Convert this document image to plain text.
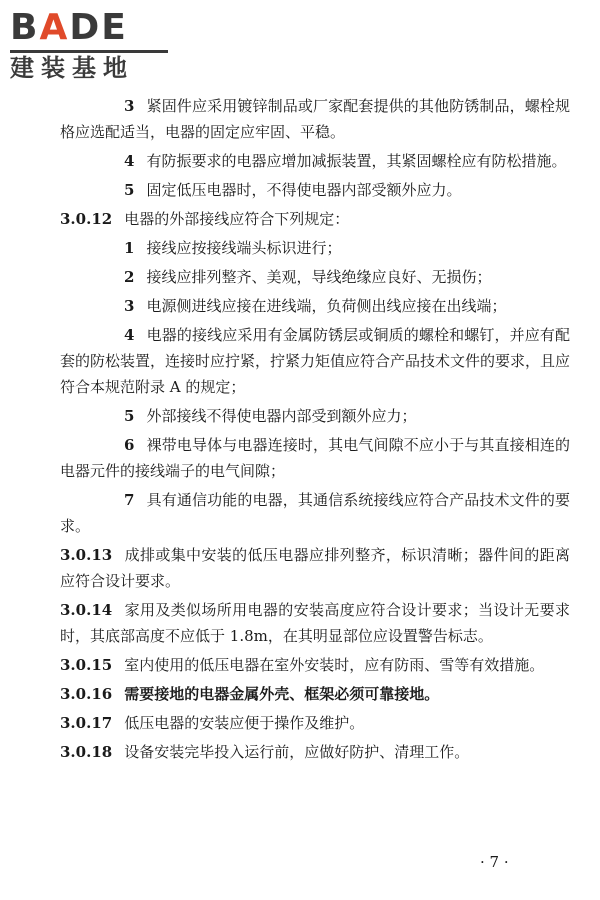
BADE
建装基地

3 紧固件应采用镀锌制品或厂家配套提供的其他防锈制品，螺栓规格应选配适当，电器的固定应牢固、平稳。

4 有防振要求的电器应增加减振装置，其紧固螺栓应有防松措施。

5 固定低压电器时，不得使电器内部受额外应力。

3.0.12 电器的外部接线应符合下列规定：

1 接线应按接线端头标识进行；

2 接线应排列整齐、美观，导线绝缘应良好、无损伤；

3 电源侧进线应接在进线端，负荷侧出线应接在出线端；

4 电器的接线应采用有金属防锈层或铜质的螺栓和螺钉，并应有配套的防松装置，连接时应拧紧，拧紧力矩值应符合产品技术文件的要求，且应符合本规范附录 A 的规定；

5 外部接线不得使电器内部受到额外应力；

6 裸带电导体与电器连接时，其电气间隙不应小于与其直接相连的电器元件的接线端子的电气间隙；

7 具有通信功能的电器，其通信系统接线应符合产品技术文件的要求。

3.0.13 成排或集中安装的低压电器应排列整齐，标识清晰；器件间的距离应符合设计要求。

3.0.14 家用及类似场所用电器的安装高度应符合设计要求；当设计无要求时，其底部高度不应低于 1.8m，在其明显部位应设置警告标志。

3.0.15 室内使用的低压电器在室外安装时，应有防雨、雪等有效措施。

3.0.16 需要接地的电器金属外壳、框架必须可靠接地。

3.0.17 低压电器的安装应便于操作及维护。

3.0.18 设备安装完毕投入运行前，应做好防护、清理工作。

· 7 ·
